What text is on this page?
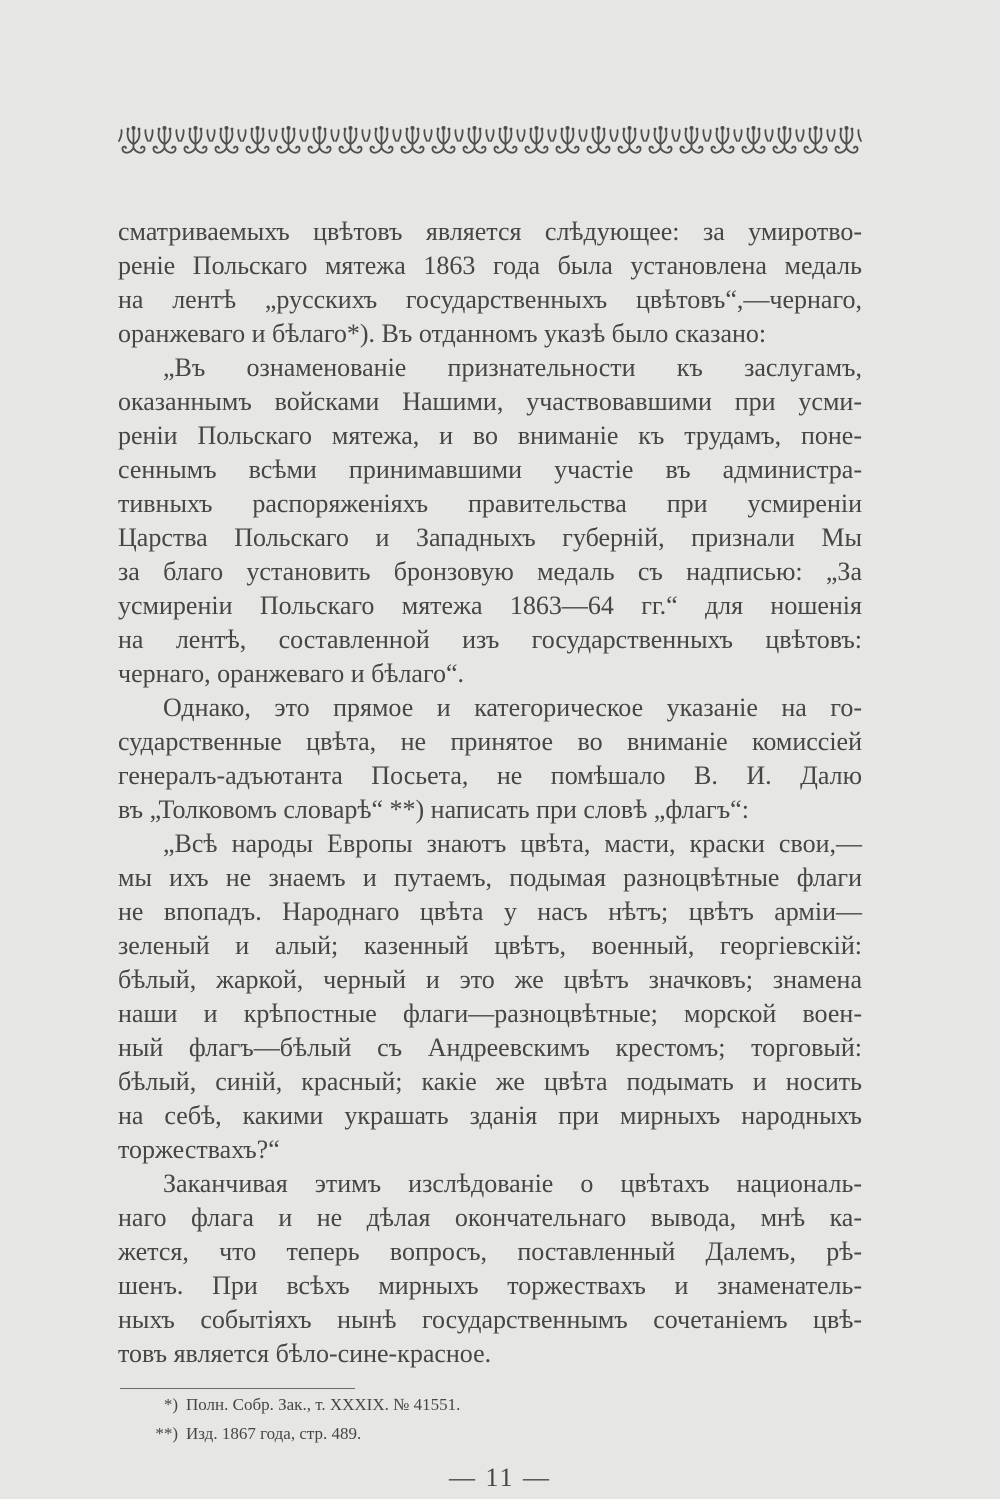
сматриваемыхъ цвѣтовъ является слѣдующее: за умиротво-
реніе Польскаго мятежа 1863 года была установлена медаль
на лентѣ „русскихъ государственныхъ цвѣтовъ“,—чернаго,
оранжеваго и бѣлаго*). Въ отданномъ указѣ было сказано:
„Въ ознаменованіе признательности къ заслугамъ,
оказаннымъ войсками Нашими, участвовавшими при усми-
реніи Польскаго мятежа, и во вниманіе къ трудамъ, поне-
сеннымъ всѣми принимавшими участіе въ администра-
тивныхъ распоряженіяхъ правительства при усмиреніи
Царства Польскаго и Западныхъ губерній, признали Мы
за благо установить бронзовую медаль съ надписью: „За
усмиреніи Польскаго мятежа 1863—64 гг.“ для ношенія
на лентѣ, составленной изъ государственныхъ цвѣтовъ:
чернаго, оранжеваго и бѣлаго“.
Однако, это прямое и категорическое указаніе на го-
сударственные цвѣта, не принятое во вниманіе комиссіей
генералъ-адъютанта Посьета, не помѣшало В. И. Далю
въ „Толковомъ словарѣ“ **) написать при словѣ „флагъ“:
„Всѣ народы Европы знаютъ цвѣта, масти, краски свои,—
мы ихъ не знаемъ и путаемъ, подымая разноцвѣтные флаги
не впопадъ. Народнаго цвѣта у насъ нѣтъ; цвѣтъ арміи—
зеленый и алый; казенный цвѣтъ, военный, георгіевскій:
бѣлый, жаркой, черный и это же цвѣтъ значковъ; знамена
наши и крѣпостные флаги—разноцвѣтные; морской воен-
ный флагъ—бѣлый съ Андреевскимъ крестомъ; торговый:
бѣлый, синій, красный; какіе же цвѣта подымать и носить
на себѣ, какими украшать зданія при мирныхъ народныхъ
торжествахъ?“
Заканчивая этимъ изслѣдованіе о цвѣтахъ националь-
наго флага и не дѣлая окончательнаго вывода, мнѣ ка-
жется, что теперь вопросъ, поставленный Далемъ, рѣ-
шенъ. При всѣхъ мирныхъ торжествахъ и знаменатель-
ныхъ событіяхъ нынѣ государственнымъ сочетаніемъ цвѣ-
товъ является бѣло-сине-красное.
*) Полн. Собр. Зак., т. XXXIX. № 41551.
**) Изд. 1867 года, стр. 489.
— 11 —
